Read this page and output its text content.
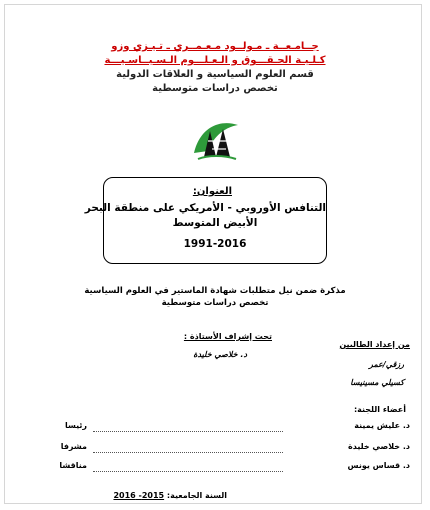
جــامـعــة ـ مـولــود مـعـمــري ـ تـيـزي وزو
كـلـيـة الحـقـــوق و الـعـلـــوم الـسـيــاسـيـــة
قسم العلوم السياسية و العلاقات الدولية
تخصص دراسات متوسطية
العنوان:
التنافس الأوروبي - الأمريكي على منطقة البحر
الأبيض المتوسط
1991-2016
مذكرة ضمن نيل متطلبات شهادة الماستير في العلوم السياسية
تخصص دراسات متوسطية
تحت إشراف الأستاذة :
د. خلاصي خليدة
من إعداد الطالبين
رزقي/عمر
كسيلي مسينيسا
أعضاء اللجنة:
د. عليش يمينة
رئيسا
د. خلاصي خليدة
مشرفا
د. قساس يونس
مناقشا
السنة الجامعية: 2015- 2016
